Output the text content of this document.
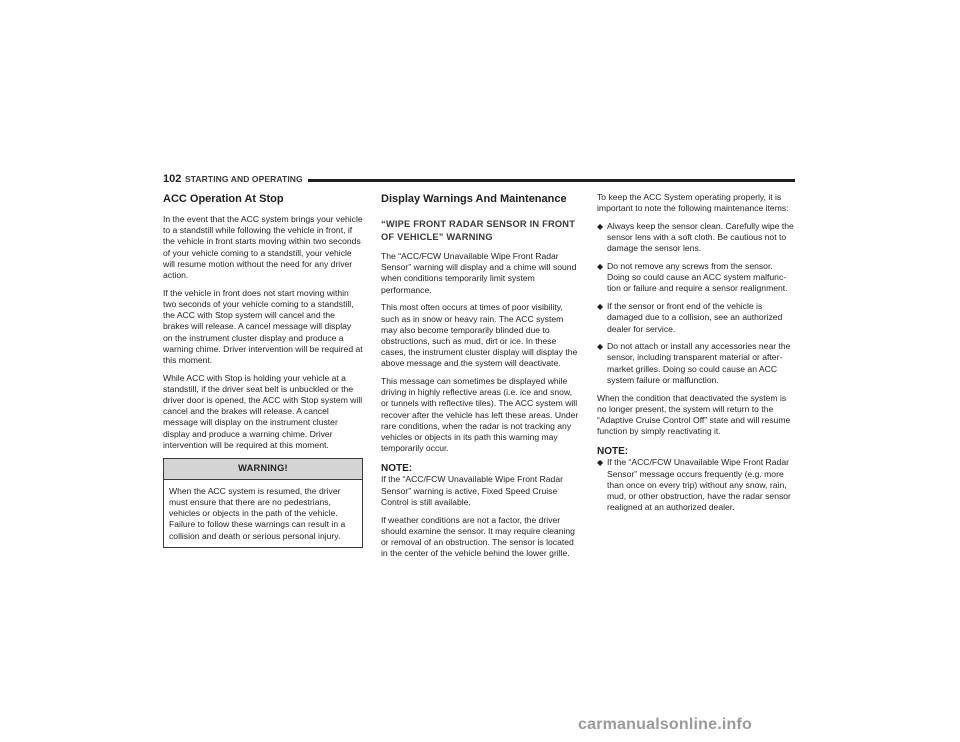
102 STARTING AND OPERATING
ACC Operation At Stop

In the event that the ACC system brings your vehicle to a standstill while following the vehicle in front, if the vehicle in front starts moving within two seconds of your vehicle coming to a standstill, your vehicle will resume motion without the need for any driver action.

If the vehicle in front does not start moving within two seconds of your vehicle coming to a standstill, the ACC with Stop system will cancel and the brakes will release. A cancel message will display on the instrument cluster display and produce a warning chime. Driver intervention will be required at this moment.

While ACC with Stop is holding your vehicle at a standstill, if the driver seat belt is unbuckled or the driver door is opened, the ACC with Stop system will cancel and the brakes will release. A cancel message will display on the instrument cluster display and produce a warning chime. Driver intervention will be required at this moment.

WARNING!
When the ACC system is resumed, the driver must ensure that there are no pedestrians, vehicles or objects in the path of the vehicle. Failure to follow these warnings can result in a collision and death or serious personal injury.
Display Warnings And Maintenance
“WIPE FRONT RADAR SENSOR IN FRONT OF VEHICLE” WARNING

The “ACC/FCW Unavailable Wipe Front Radar Sensor” warning will display and a chime will sound when conditions temporarily limit system performance.

This most often occurs at times of poor visibility, such as in snow or heavy rain. The ACC system may also become temporarily blinded due to obstructions, such as mud, dirt or ice. In these cases, the instrument cluster display will display the above message and the system will deactivate.

This message can sometimes be displayed while driving in highly reflective areas (i.e. ice and snow, or tunnels with reflective tiles). The ACC system will recover after the vehicle has left these areas. Under rare conditions, when the radar is not tracking any vehicles or objects in its path this warning may temporarily occur.

NOTE:

If the “ACC/FCW Unavailable Wipe Front Radar Sensor” warning is active, Fixed Speed Cruise Control is still available.

If weather conditions are not a factor, the driver should examine the sensor. It may require cleaning or removal of an obstruction. The sensor is located in the center of the vehicle behind the lower grille.

To keep the ACC System operating properly, it is important to note the following maintenance items:

◆ Always keep the sensor clean. Carefully wipe the sensor lens with a soft cloth. Be cautious not to damage the sensor lens.
◆ Do not remove any screws from the sensor. Doing so could cause an ACC system malfunc-tion or failure and require a sensor realignment.
◆ If the sensor or front end of the vehicle is damaged due to a collision, see an authorized dealer for service.
◆ Do not attach or install any accessories near the sensor, including transparent material or after-market grilles. Doing so could cause an ACC system failure or malfunction.

When the condition that deactivated the system is no longer present, the system will return to the “Adaptive Cruise Control Off” state and will resume function by simply reactivating it.

NOTE:
◆ If the “ACC/FCW Unavailable Wipe Front Radar Sensor” message occurs frequently (e.g. more than once on every trip) without any snow, rain, mud, or other obstruction, have the radar sensor realigned at an authorized dealer.
carmanualsonline.info
